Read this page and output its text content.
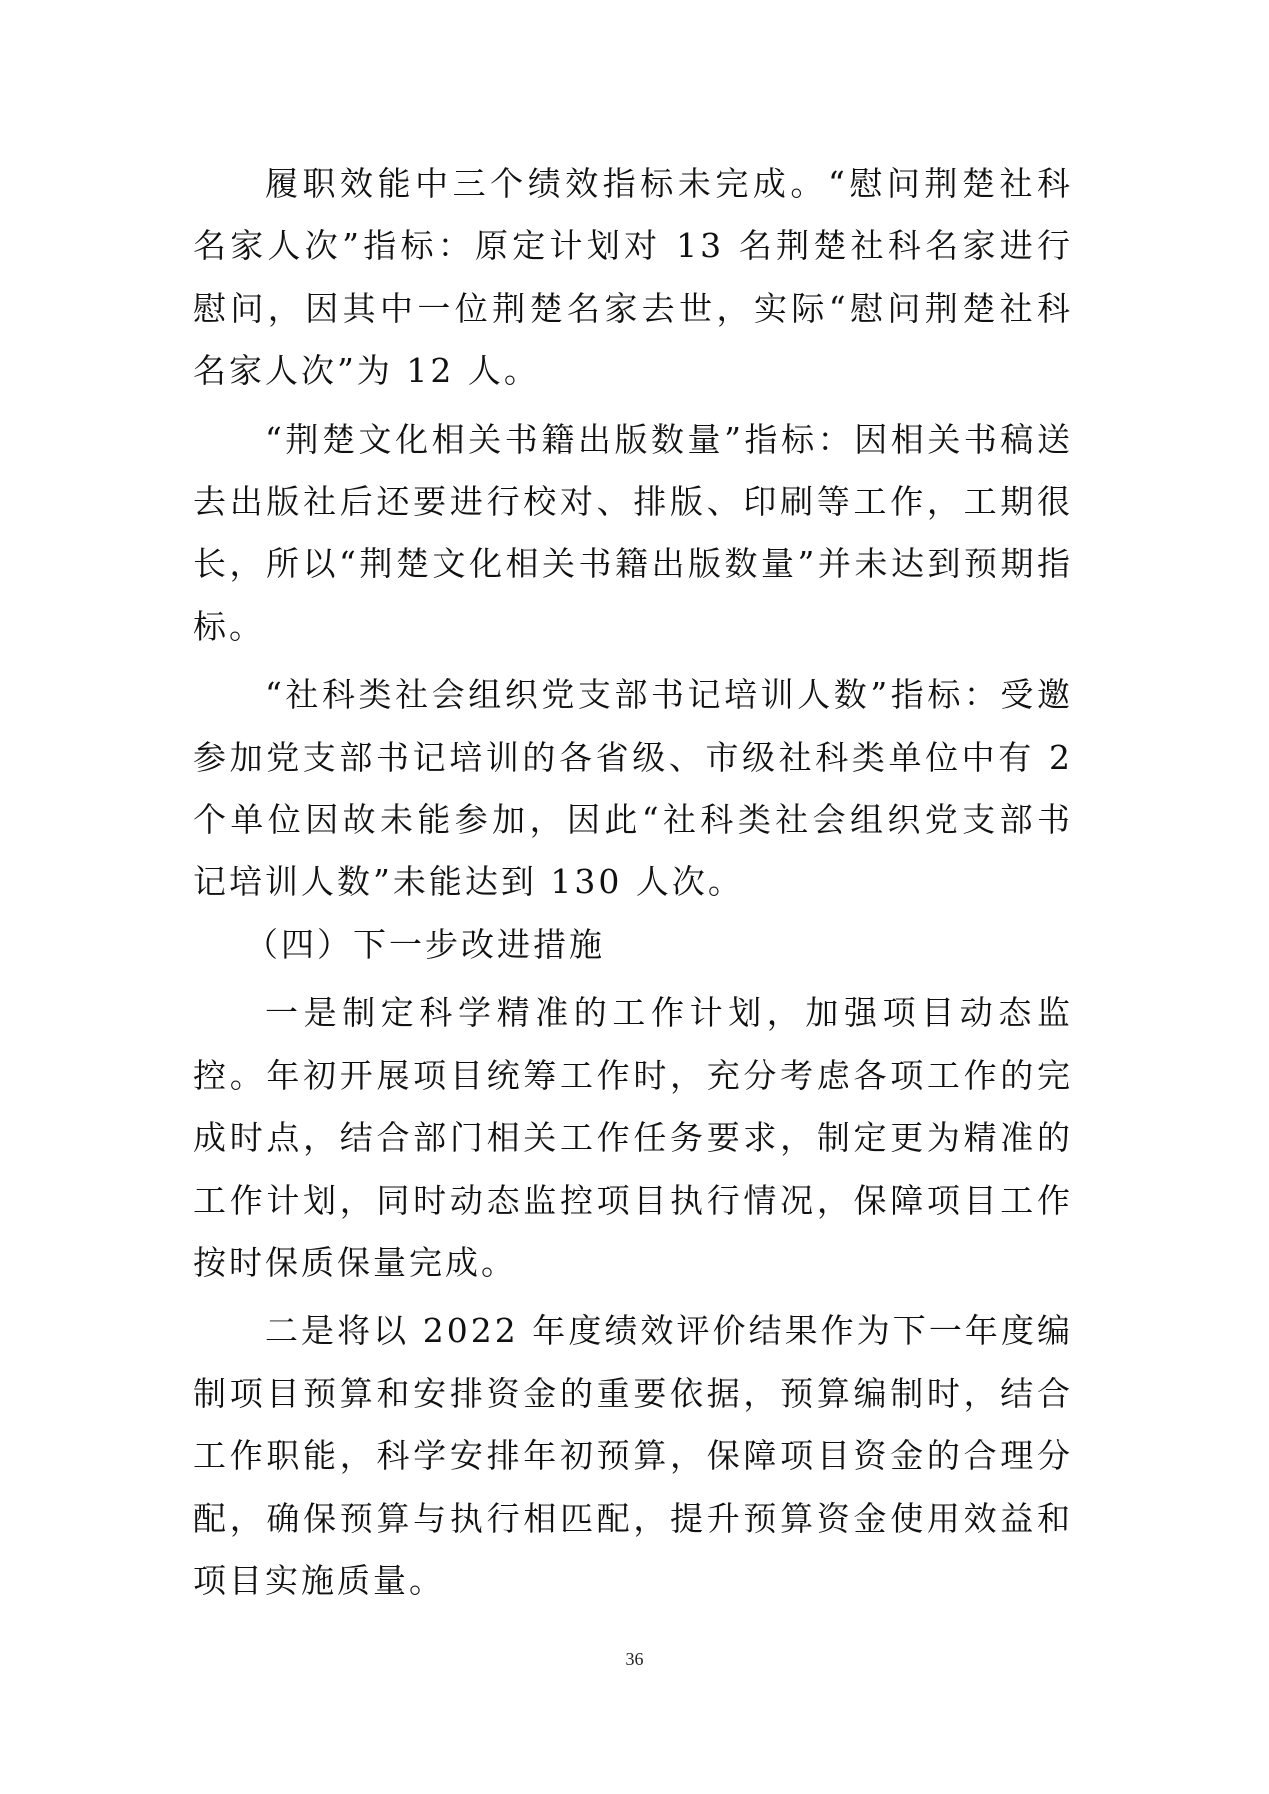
履职效能中三个绩效指标未完成。“慰问荆楚社科名家人次”指标：原定计划对 13 名荆楚社科名家进行慰问，因其中一位荆楚名家去世，实际“慰问荆楚社科名家人次”为 12 人。

“荆楚文化相关书籍出版数量”指标：因相关书稿送去出版社后还要进行校对、排版、印刷等工作，工期很长，所以“荆楚文化相关书籍出版数量”并未达到预期指标。

“社科类社会组织党支部书记培训人数”指标：受邀参加党支部书记培训的各省级、市级社科类单位中有 2 个单位因故未能参加，因此“社科类社会组织党支部书记培训人数”未能达到 130 人次。

（四）下一步改进措施

一是制定科学精准的工作计划，加强项目动态监控。年初开展项目统筹工作时，充分考虑各项工作的完成时点，结合部门相关工作任务要求，制定更为精准的工作计划，同时动态监控项目执行情况，保障项目工作按时保质保量完成。

二是将以 2022 年度绩效评价结果作为下一年度编制项目预算和安排资金的重要依据，预算编制时，结合工作职能，科学安排年初预算，保障项目资金的合理分配，确保预算与执行相匹配，提升预算资金使用效益和项目实施质量。

36
